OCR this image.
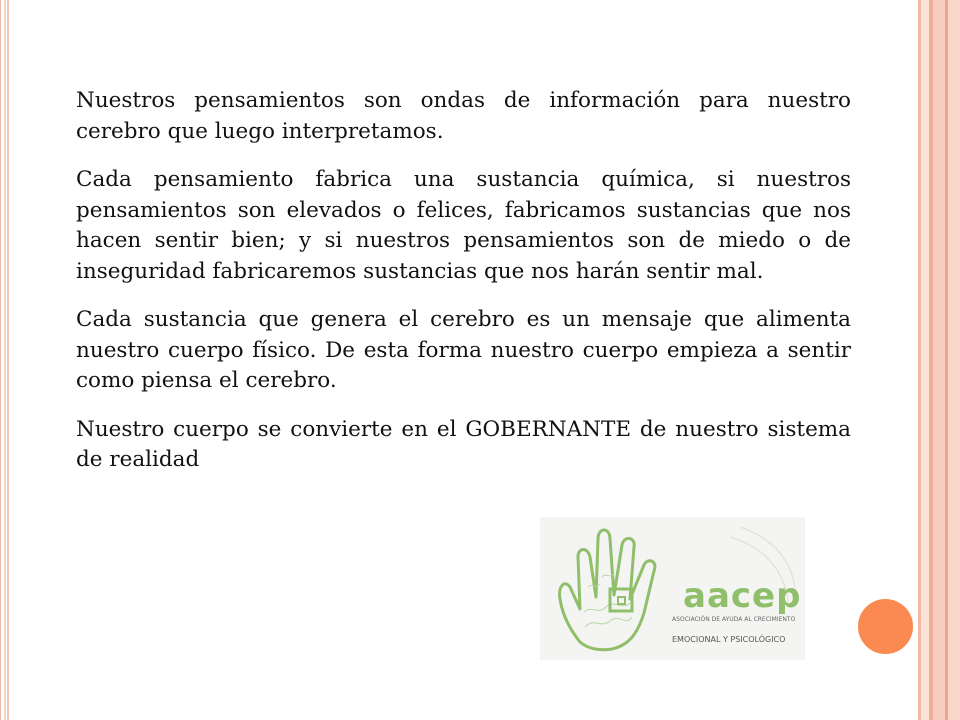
Nuestros pensamientos son ondas de información para nuestro cerebro que luego interpretamos.

Cada pensamiento fabrica una sustancia química, si nuestros pensamientos son elevados o felices, fabricamos sustancias que nos hacen sentir bien; y si nuestros pensamientos son de miedo o de inseguridad fabricaremos sustancias que nos harán sentir mal.

Cada sustancia que genera el cerebro es un mensaje que alimenta nuestro cuerpo físico. De esta forma nuestro cuerpo empieza a sentir como piensa el cerebro.

Nuestro cuerpo se convierte en el GOBERNANTE de nuestro sistema de realidad

aacep
ASOCIACIÓN DE AYUDA AL CRECIMIENTO
EMOCIONAL Y PSICOLÓGICO
